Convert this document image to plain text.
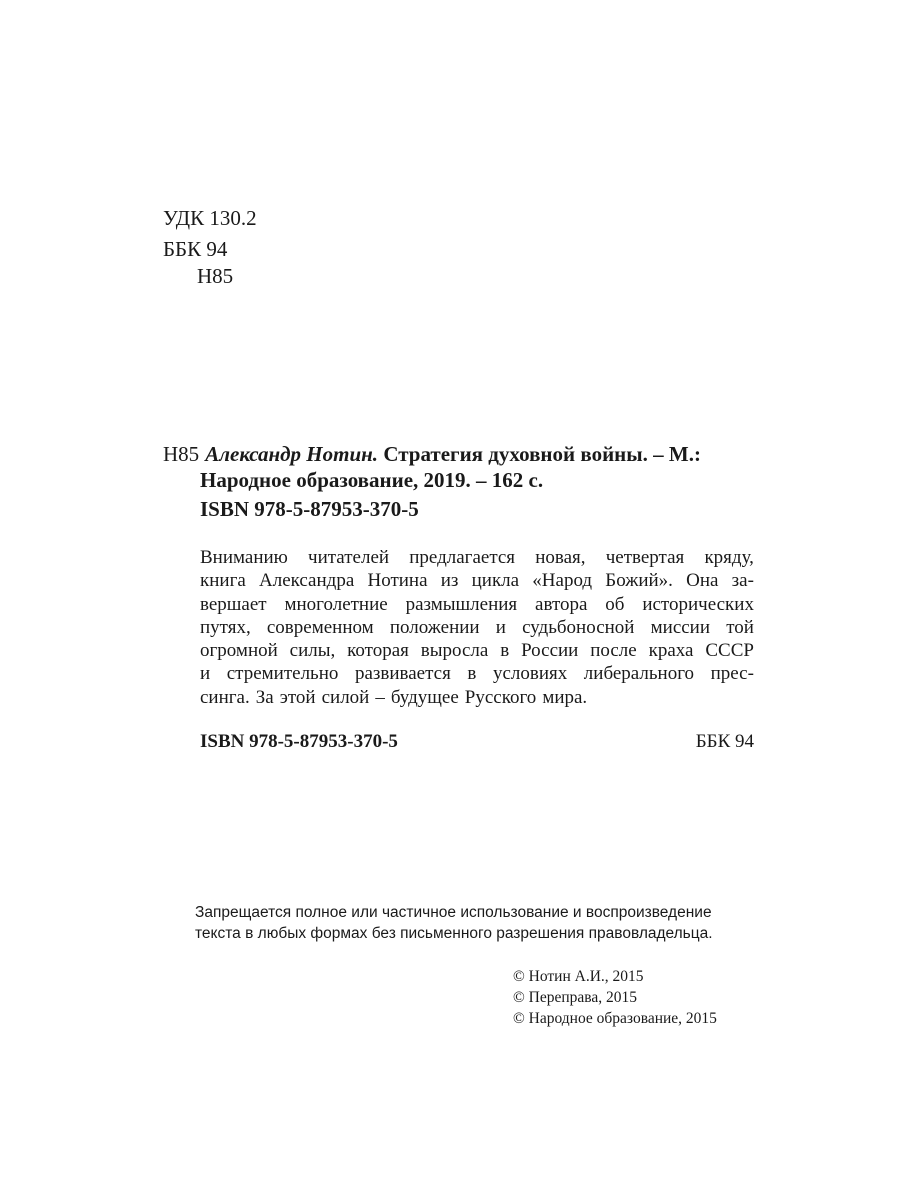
УДК 130.2
ББК 94
Н85
Н85 Александр Нотин. Стратегия духовной войны. – М.:
Народное образование, 2019. – 162 с.
ISBN 978-5-87953-370-5
Вниманию читателей предлагается новая, четвертая кряду,
книга Александра Нотина из цикла «Народ Божий». Она за-
вершает многолетние размышления автора об исторических
путях, современном положении и судьбоносной миссии той
огромной силы, которая выросла в России после краха СССР
и стремительно развивается в условиях либерального прес-
синга. За этой силой – будущее Русского мира.
ISBN 978-5-87953-370-5	ББК 94
Запрещается полное или частичное использование и воспроизведение
текста в любых формах без письменного разрешения правовладельца.
© Нотин А.И., 2015
© Переправа, 2015
© Народное образование, 2015
